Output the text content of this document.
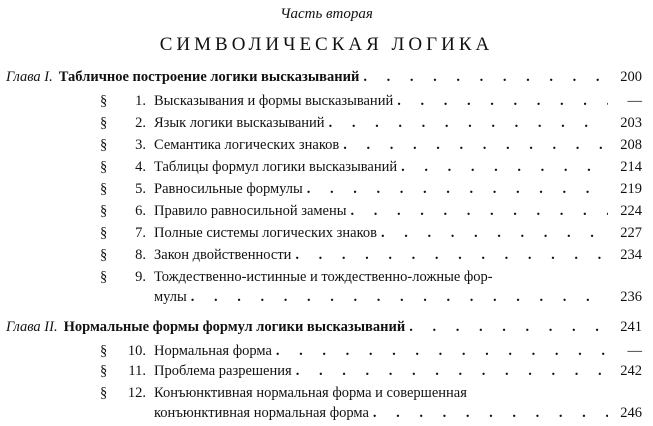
Часть вторая
СИМВОЛИЧЕСКАЯ ЛОГИКА
Глава I. Табличное построение логики высказываний . . .	200
§	1. Высказывания и формы высказываний . . .	—
§	2. Язык логики высказываний . . .	203
§	3. Семантика логических знаков . . .	208
§	4. Таблицы формул логики высказываний . . .	214
§	5. Равносильные формулы . . .	219
§	6. Правило равносильной замены . . .	224
§	7. Полные системы логических знаков . . .	227
§	8. Закон двойственности . . .	234
§	9. Тождественно-истинные и тождественно-ложные фор-
мулы . . .	236
Глава II. Нормальные формы формул логики высказываний . . .	241
§	10. Нормальная форма . . .	—
§	11. Проблема разрешения . . .	242
§	12. Конъюнктивная нормальная форма и совершенная
конъюнктивная нормальная форма . . .	246
